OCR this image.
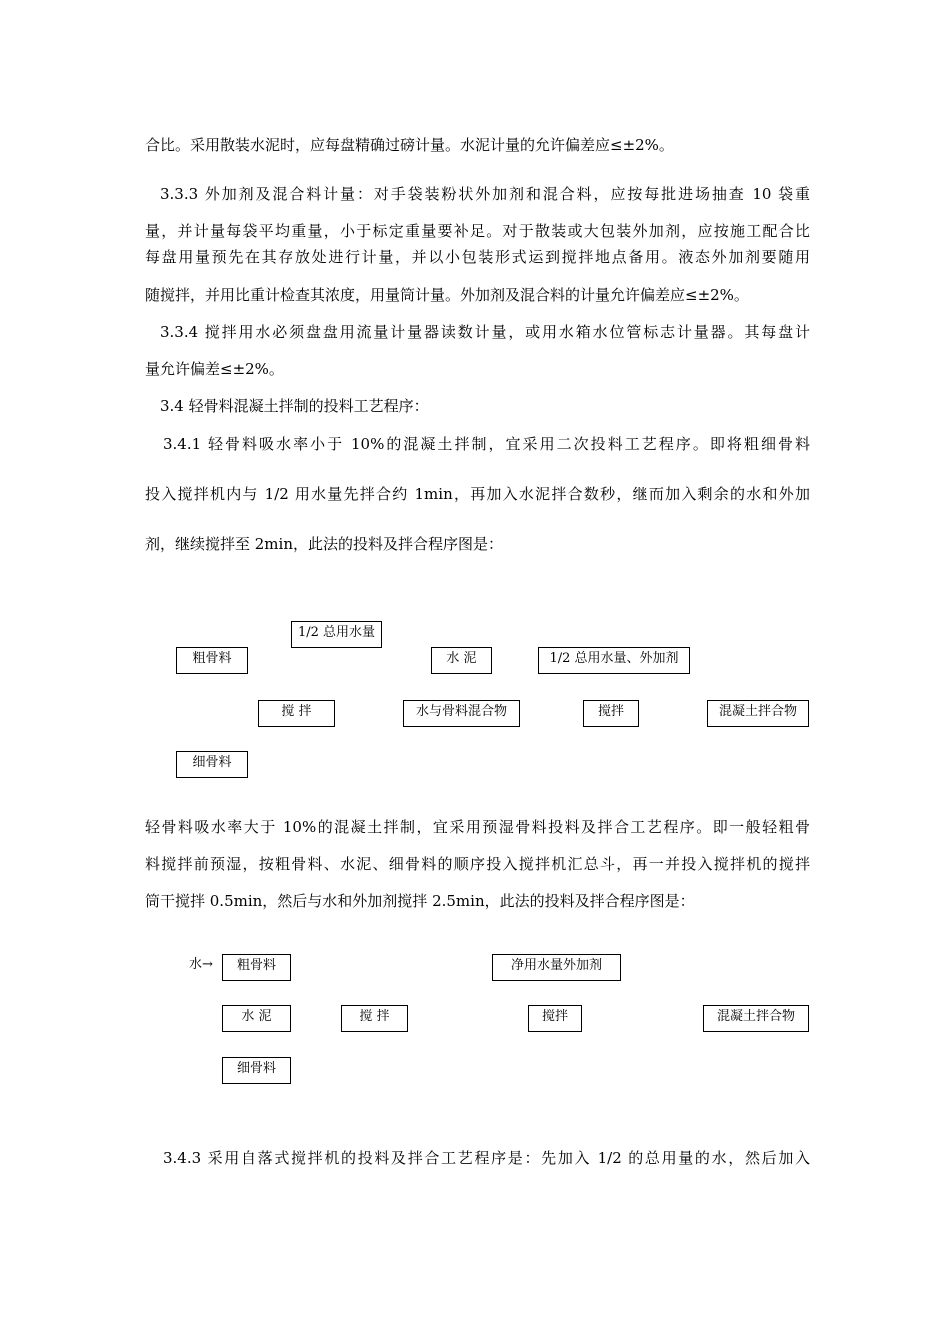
合比。采用散装水泥时，应每盘精确过磅计量。水泥计量的允许偏差应≤±2%。
3.3.3 外加剂及混合料计量：对手袋装粉状外加剂和混合料，应按每批进场抽查 10 袋重
量，并计量每袋平均重量，小于标定重量要补足。对于散装或大包装外加剂，应按施工配合比
每盘用量预先在其存放处进行计量，并以小包装形式运到搅拌地点备用。液态外加剂要随用
随搅拌，并用比重计检查其浓度，用量筒计量。外加剂及混合料的计量允许偏差应≤±2%。
3.3.4 搅拌用水必须盘盘用流量计量器读数计量，或用水箱水位管标志计量器。其每盘计
量允许偏差≤±2%。
3.4 轻骨料混凝土拌制的投料工艺程序：
3.4.1 轻骨料吸水率小于 10%的混凝土拌制，宜采用二次投料工艺程序。即将粗细骨料
投入搅拌机内与 1/2 用水量先拌合约 1min，再加入水泥拌合数秒，继而加入剩余的水和外加
剂，继续搅拌至 2min，此法的投料及拌合程序图是：
1/2 总用水量
粗骨料	水 泥	1/2 总用水量、外加剂
搅 拌	水与骨料混合物	搅拌	混凝土拌合物
细骨料
轻骨料吸水率大于 10%的混凝土拌制，宜采用预湿骨料投料及拌合工艺程序。即一般轻粗骨
料搅拌前预湿，按粗骨料、水泥、细骨料的顺序投入搅拌机汇总斗，再一并投入搅拌机的搅拌
筒干搅拌 0.5min，然后与水和外加剂搅拌 2.5min，此法的投料及拌合程序图是：
水→	粗骨料	净用水量外加剂
水 泥	搅 拌	搅拌	混凝土拌合物
细骨料
3.4.3 采用自落式搅拌机的投料及拌合工艺程序是：先加入 1/2 的总用量的水，然后加入
